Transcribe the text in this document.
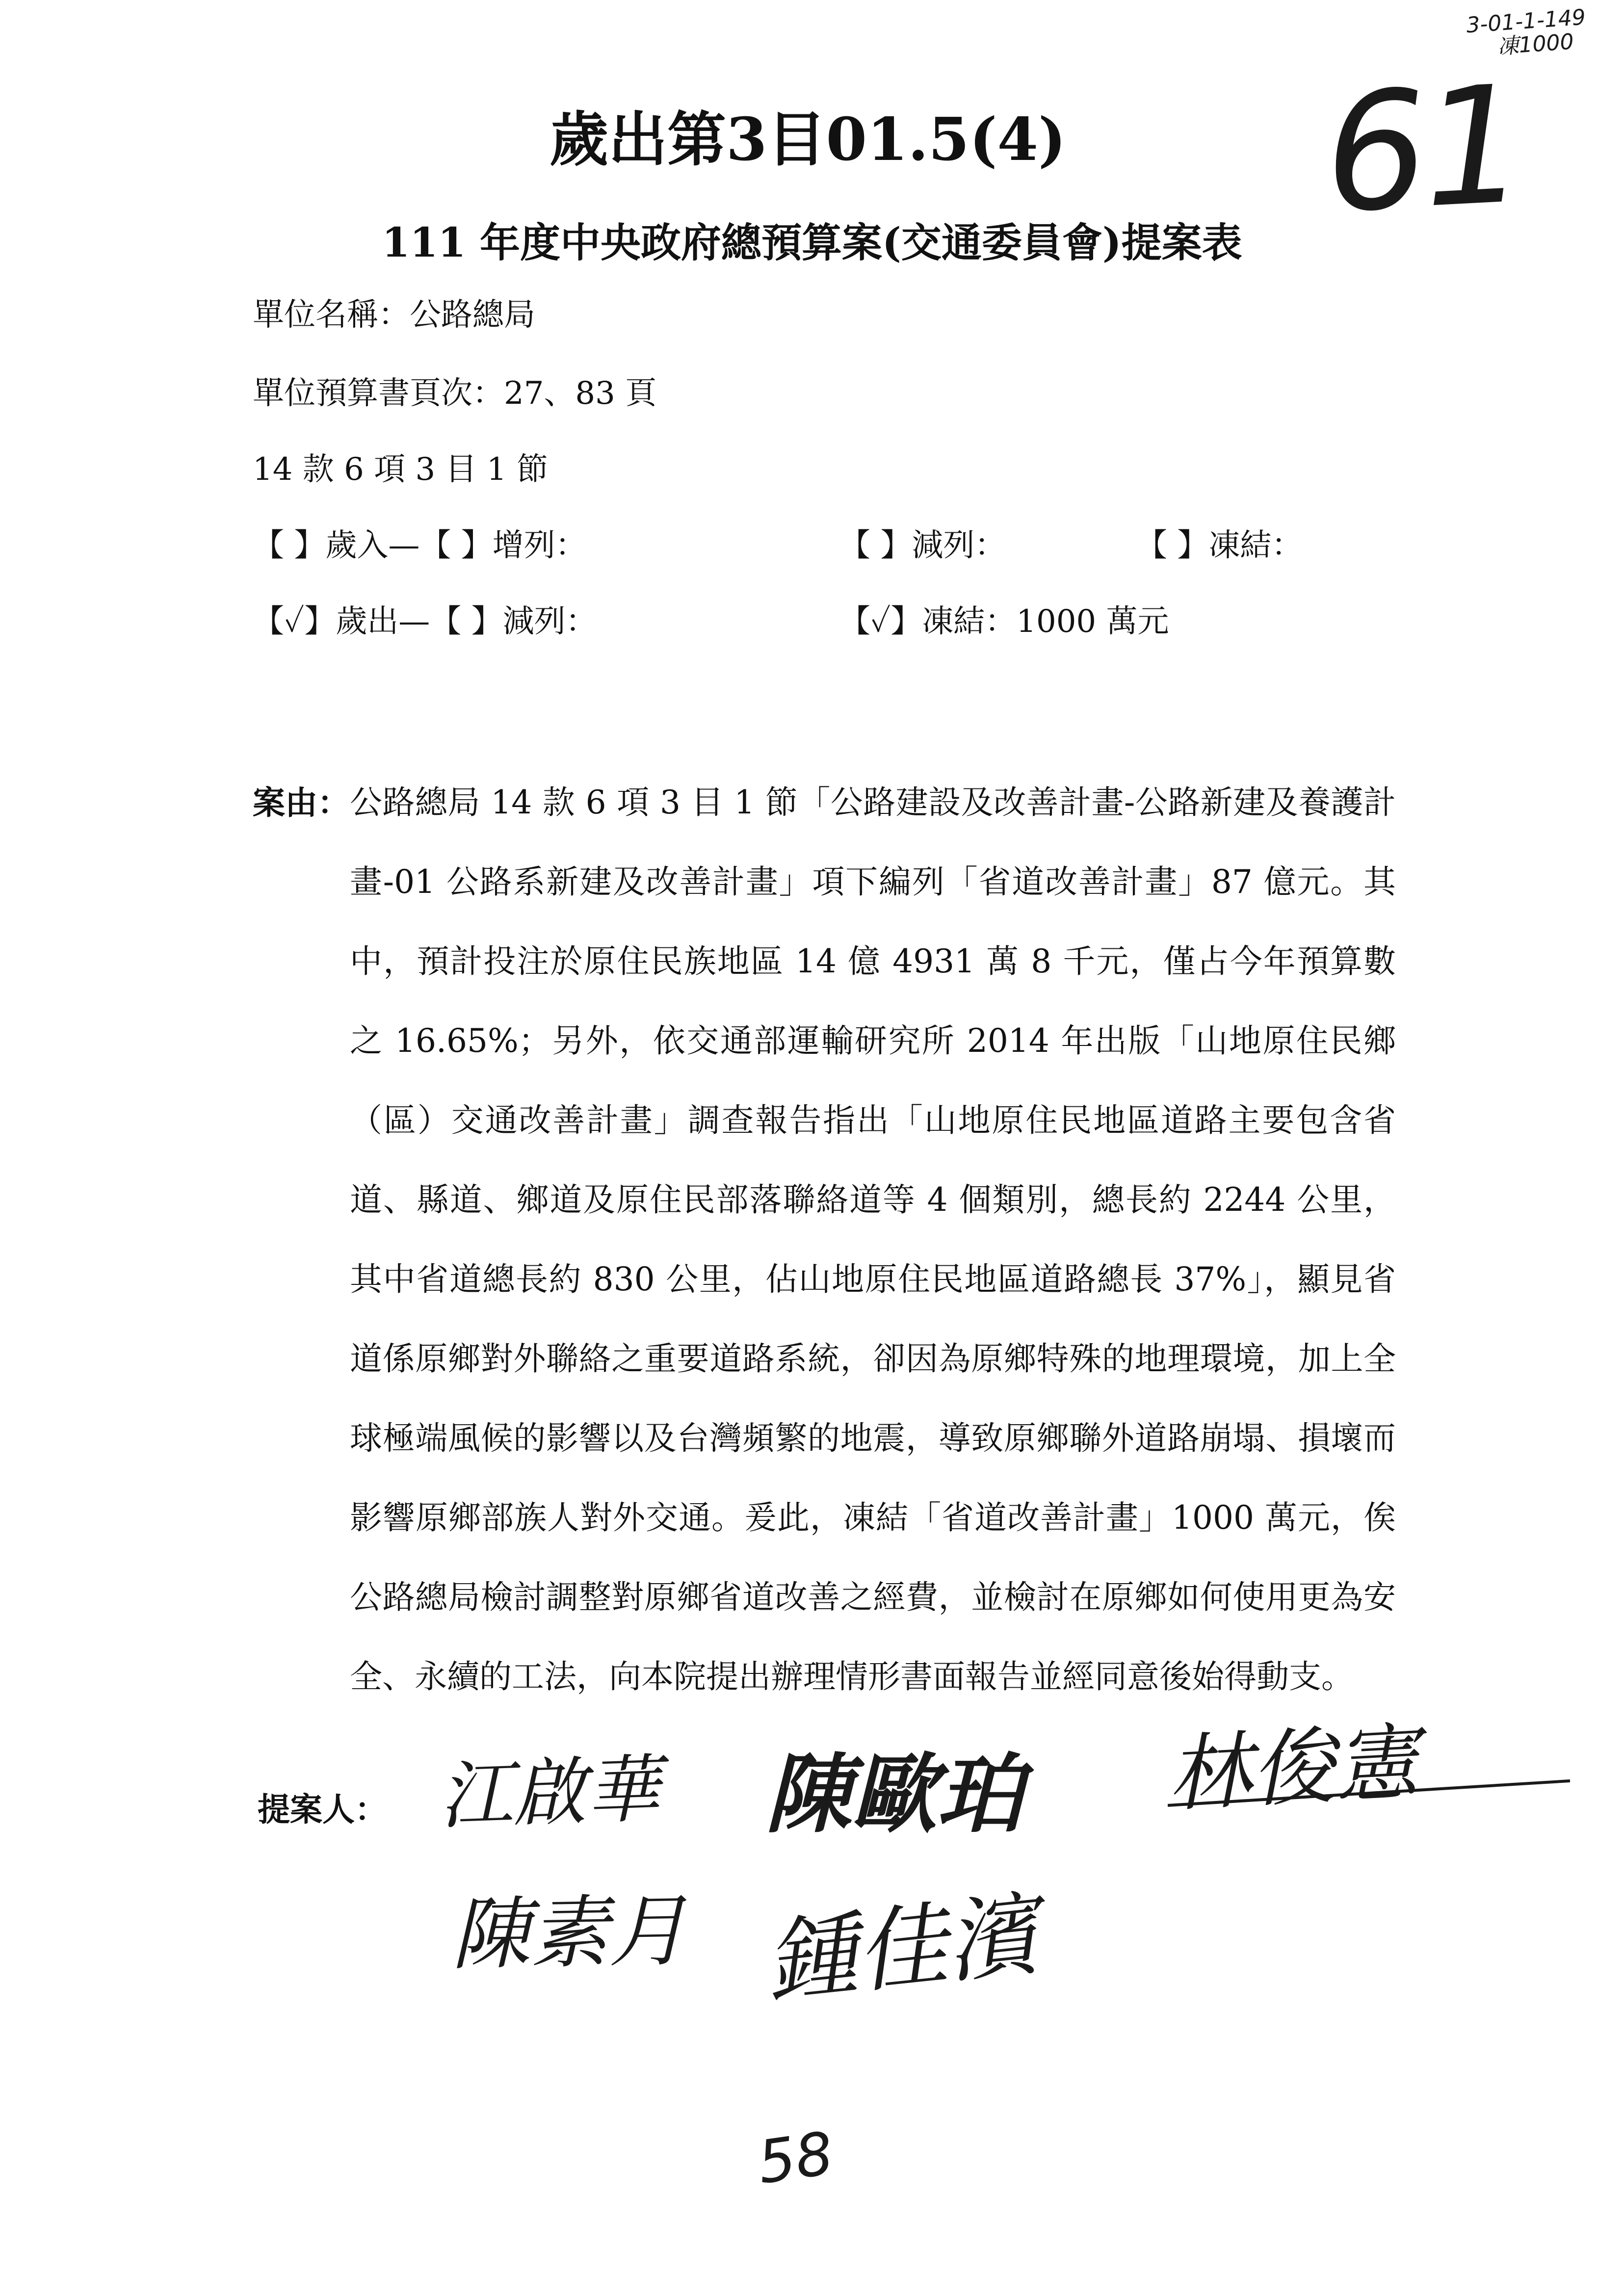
3-01-1-149
凍1000
61
歲出第3目01.5(4)
111 年度中央政府總預算案(交通委員會)提案表
單位名稱：公路總局
單位預算書頁次：27、83 頁
14 款 6 項 3 目 1 節
【 】歲入—【 】增列：	【 】減列：	【 】凍結：
【✓】歲出—【 】減列：	【✓】凍結：1000 萬元
案由： 公路總局 14 款 6 項 3 目 1 節「公路建設及改善計畫-公路新建及養護計畫-01 公路系新建及改善計畫」項下編列「省道改善計畫」87 億元。其中，預計投注於原住民族地區 14 億 4931 萬 8 千元，僅占今年預算數之 16.65%；另外，依交通部運輸研究所 2014 年出版「山地原住民鄉（區）交通改善計畫」調查報告指出「山地原住民地區道路主要包含省道、縣道、鄉道及原住民部落聯絡道等 4 個類別，總長約 2244 公里，其中省道總長約 830 公里，佔山地原住民地區道路總長 37%」，顯見省道係原鄉對外聯絡之重要道路系統，卻因為原鄉特殊的地理環境，加上全球極端風候的影響以及台灣頻繁的地震，導致原鄉聯外道路崩塌、損壞而影響原鄉部族人對外交通。爰此，凍結「省道改善計畫」1000 萬元，俟公路總局檢討調整對原鄉省道改善之經費，並檢討在原鄉如何使用更為安全、永續的工法，向本院提出辦理情形書面報告並經同意後始得動支。
提案人： 江啟華 陳歐珀 林俊憲
陳素月 鍾佳濱
58
